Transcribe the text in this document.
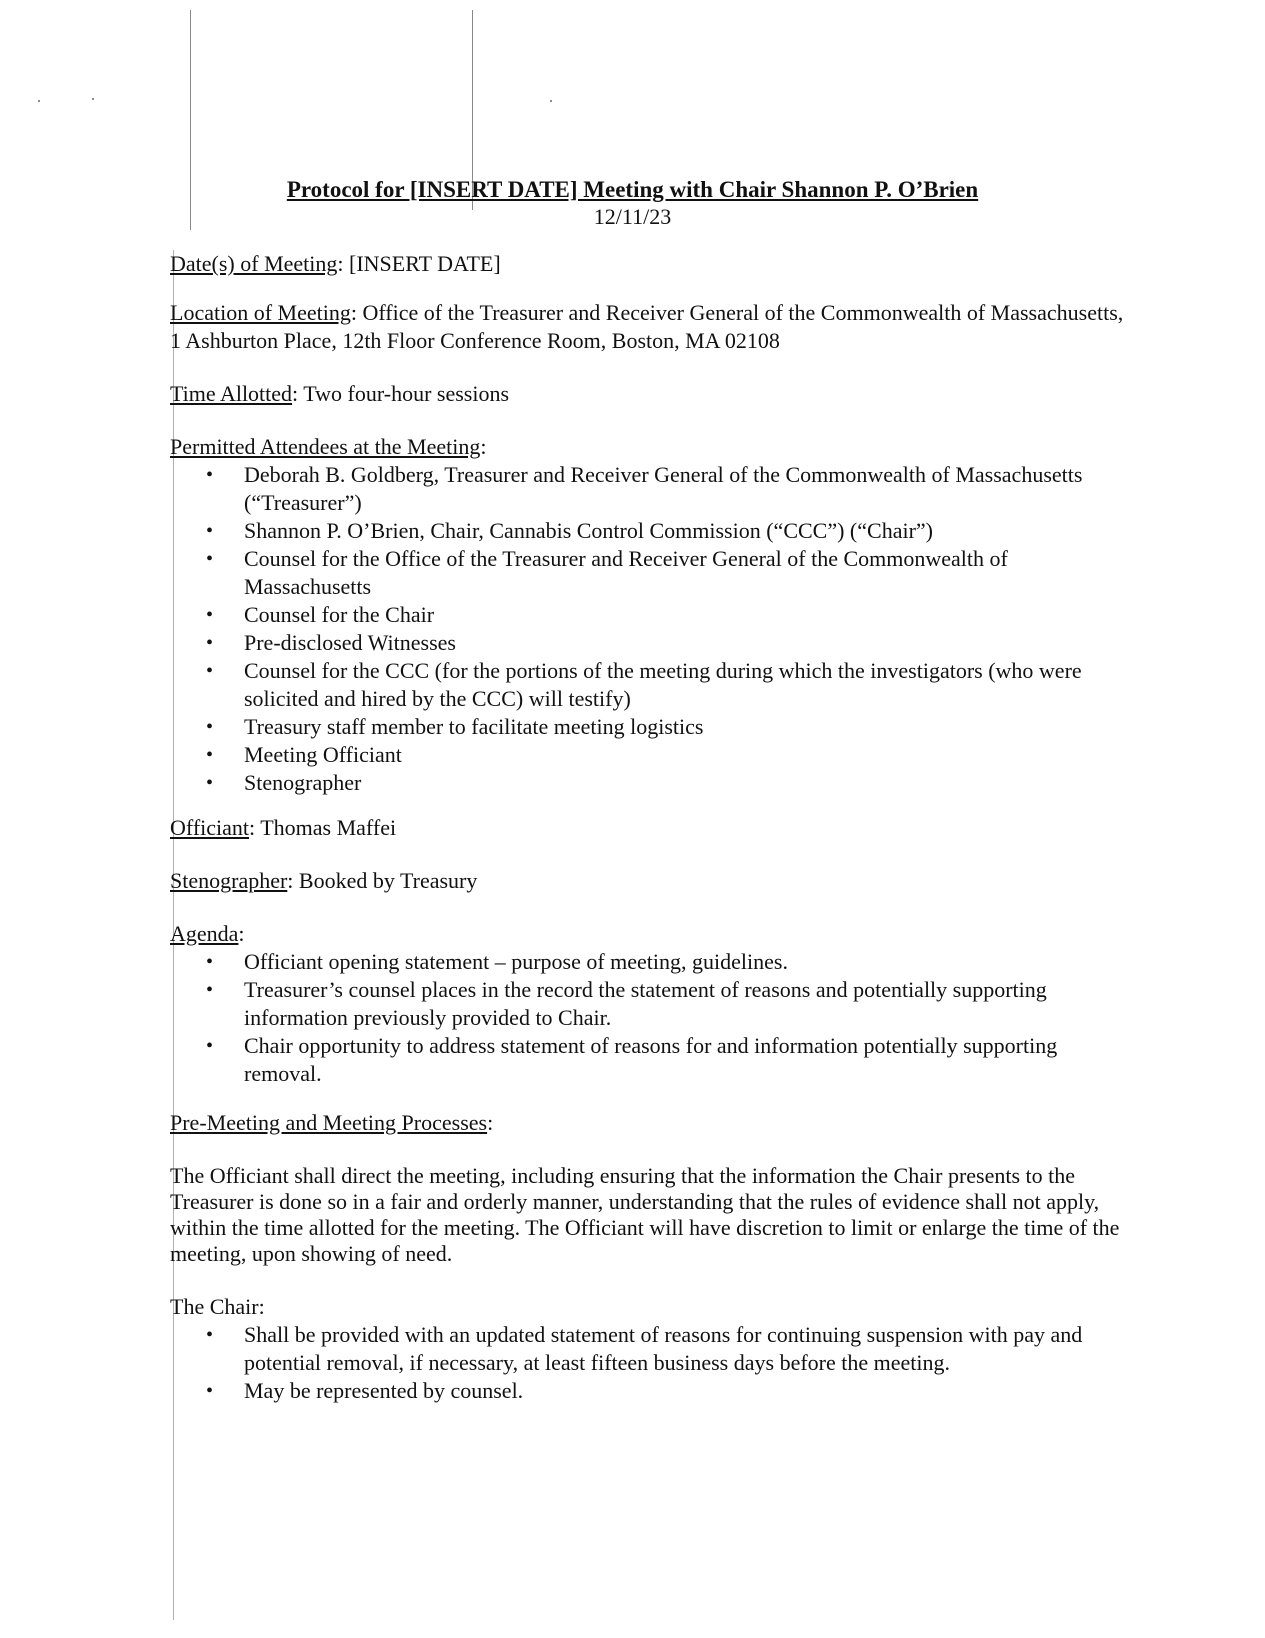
Protocol for [INSERT DATE] Meeting with Chair Shannon P. O’Brien
12/11/23
Date(s) of Meeting: [INSERT DATE]
Location of Meeting: Office of the Treasurer and Receiver General of the Commonwealth of Massachusetts, 1 Ashburton Place, 12th Floor Conference Room, Boston, MA 02108
Time Allotted: Two four-hour sessions
Permitted Attendees at the Meeting:
• Deborah B. Goldberg, Treasurer and Receiver General of the Commonwealth of Massachusetts (“Treasurer”)
• Shannon P. O’Brien, Chair, Cannabis Control Commission (“CCC”) (“Chair”)
• Counsel for the Office of the Treasurer and Receiver General of the Commonwealth of Massachusetts
• Counsel for the Chair
• Pre-disclosed Witnesses
• Counsel for the CCC (for the portions of the meeting during which the investigators (who were solicited and hired by the CCC) will testify)
• Treasury staff member to facilitate meeting logistics
• Meeting Officiant
• Stenographer
Officiant: Thomas Maffei
Stenographer: Booked by Treasury
Agenda:
• Officiant opening statement – purpose of meeting, guidelines.
• Treasurer’s counsel places in the record the statement of reasons and potentially supporting information previously provided to Chair.
• Chair opportunity to address statement of reasons for and information potentially supporting removal.
Pre-Meeting and Meeting Processes:
The Officiant shall direct the meeting, including ensuring that the information the Chair presents to the Treasurer is done so in a fair and orderly manner, understanding that the rules of evidence shall not apply, within the time allotted for the meeting. The Officiant will have discretion to limit or enlarge the time of the meeting, upon showing of need.
The Chair:
• Shall be provided with an updated statement of reasons for continuing suspension with pay and potential removal, if necessary, at least fifteen business days before the meeting.
• May be represented by counsel.
